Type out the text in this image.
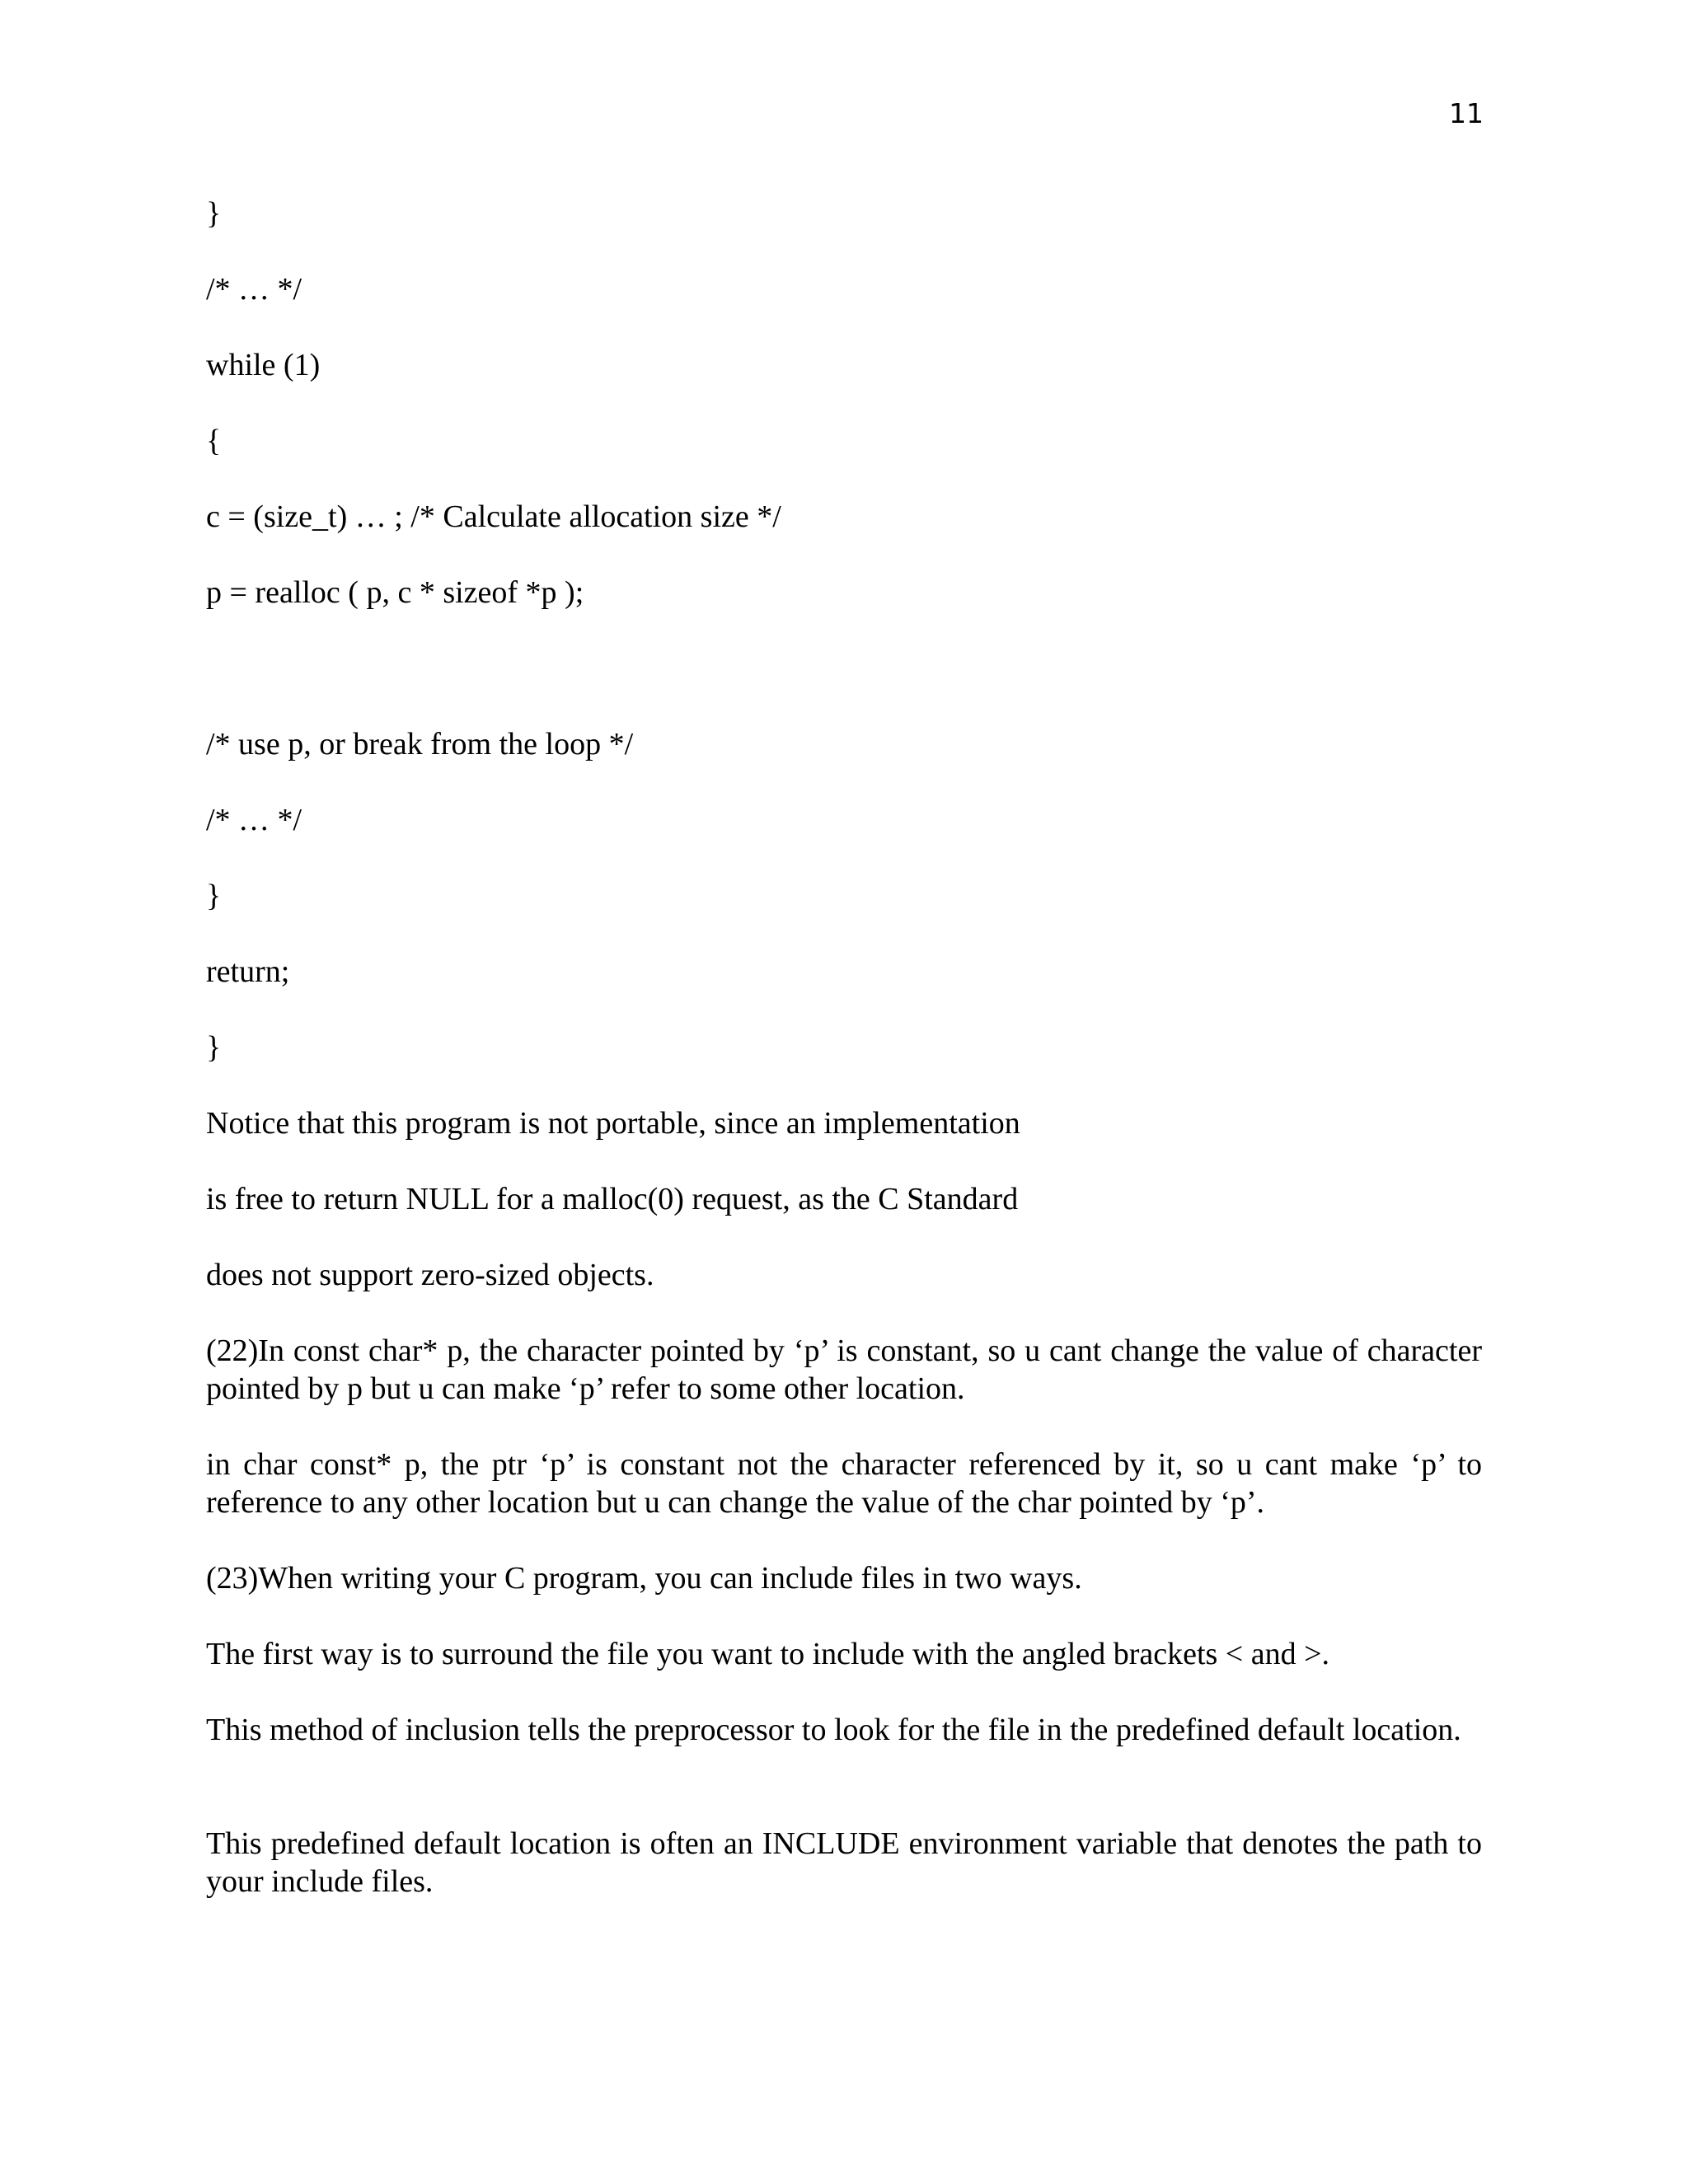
11
}
/* … */
while (1)
{
c = (size_t) … ; /* Calculate allocation size */
p = realloc ( p, c * sizeof *p );
/* use p, or break from the loop */
/* … */
}
return;
}
Notice that this program is not portable, since an implementation
is free to return NULL for a malloc(0) request, as the C Standard
does not support zero-sized objects.
(22)In const char* p, the character pointed by ‘p’ is constant, so u cant change the value of character pointed by p but u can make ‘p’ refer to some other location.
in char const* p, the ptr ‘p’ is constant not the character referenced by it, so u cant make ‘p’ to reference to any other location but u can change the value of the char pointed by ‘p’.
(23)When writing your C program, you can include files in two ways.
The first way is to surround the file you want to include with the angled brackets < and >.
This method of inclusion tells the preprocessor to look for the file in the predefined default location.
This predefined default location is often an INCLUDE environment variable that denotes the path to your include files.
